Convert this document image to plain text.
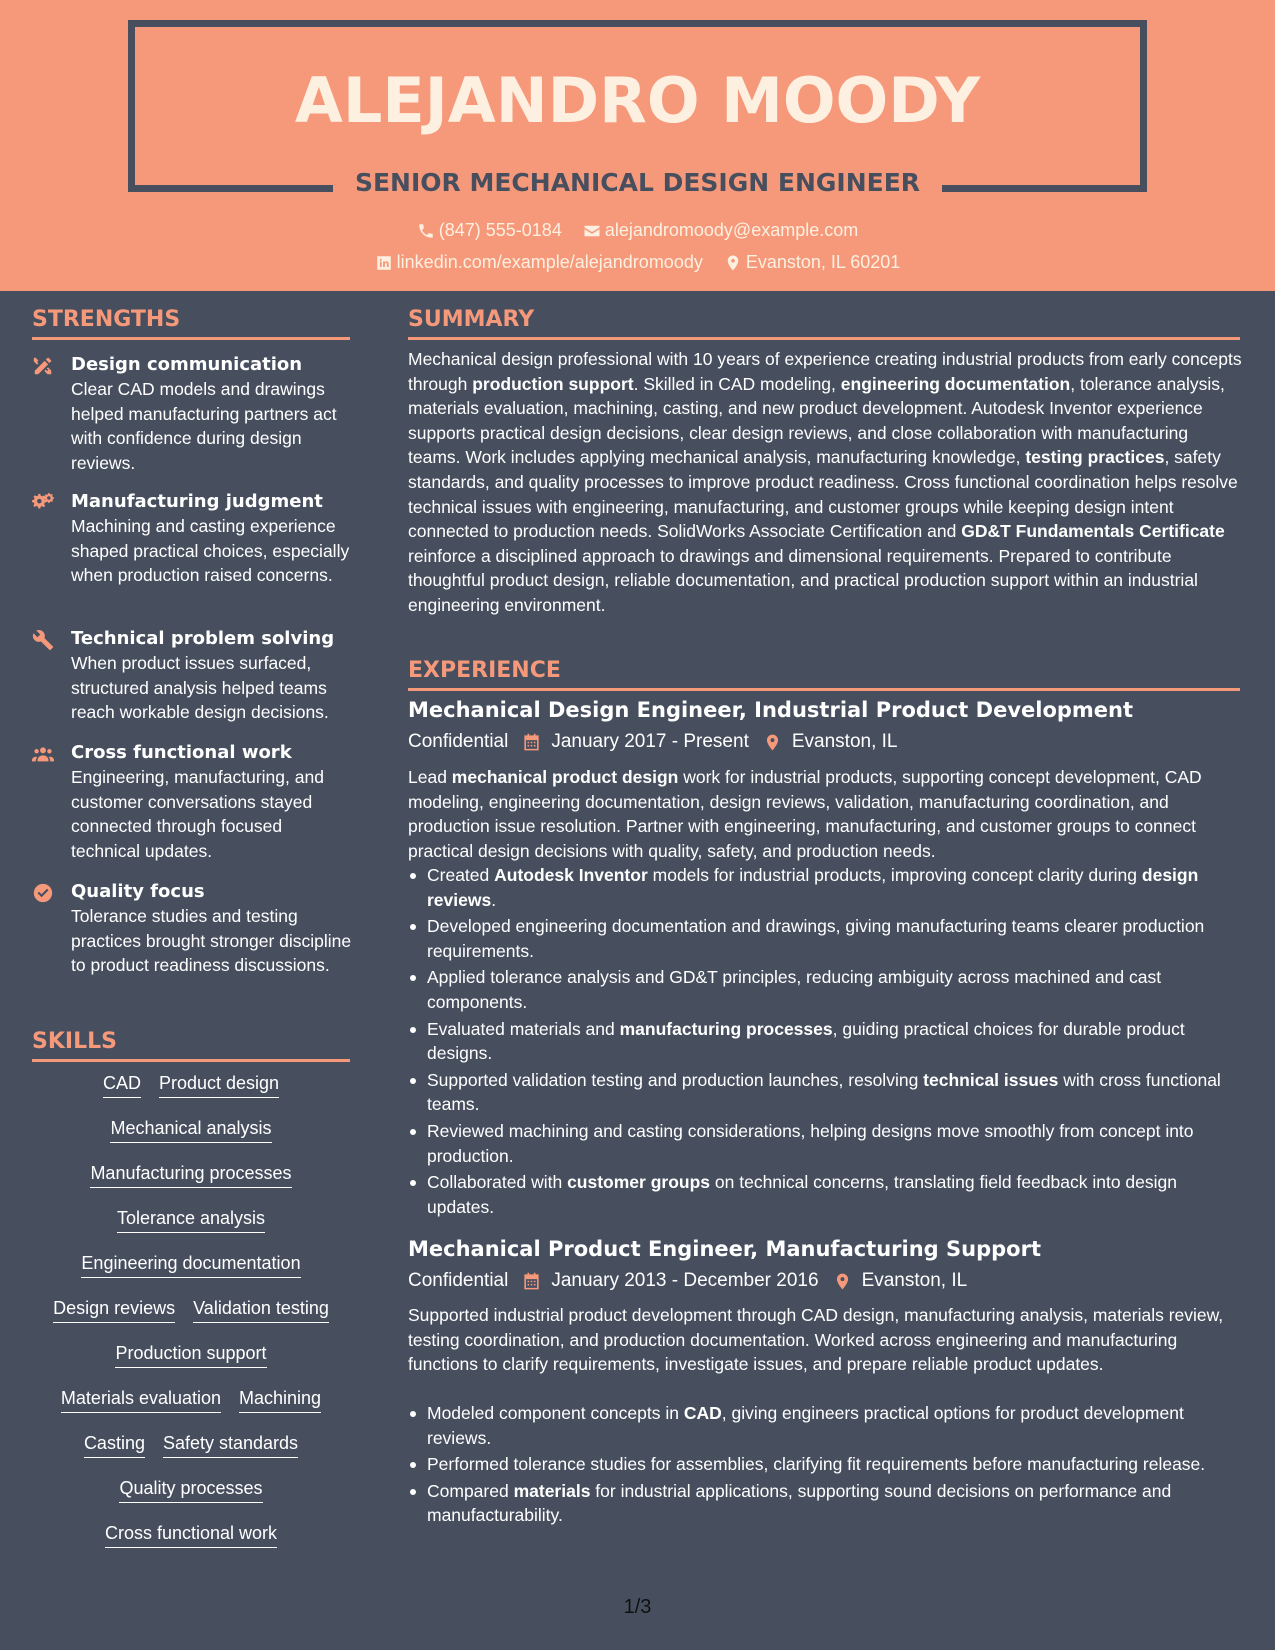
ALEJANDRO MOODY
SENIOR MECHANICAL DESIGN ENGINEER
(847) 555-0184
alejandromoody@example.com
linkedin.com/example/alejandromoody
Evanston, IL 60201
STRENGTHS
Design communication
Clear CAD models and drawings helped manufacturing partners act with confidence during design reviews.
Manufacturing judgment
Machining and casting experience shaped practical choices, especially when production raised concerns.
Technical problem solving
When product issues surfaced, structured analysis helped teams reach workable design decisions.
Cross functional work
Engineering, manufacturing, and customer conversations stayed connected through focused technical updates.
Quality focus
Tolerance studies and testing practices brought stronger discipline to product readiness discussions.
SKILLS
CAD Product design
Mechanical analysis
Manufacturing processes
Tolerance analysis
Engineering documentation
Design reviews Validation testing
Production support
Materials evaluation Machining
Casting Safety standards
Quality processes
Cross functional work
SUMMARY
Mechanical design professional with 10 years of experience creating industrial products from early concepts through production support. Skilled in CAD modeling, engineering documentation, tolerance analysis, materials evaluation, machining, casting, and new product development. Autodesk Inventor experience supports practical design decisions, clear design reviews, and close collaboration with manufacturing teams. Work includes applying mechanical analysis, manufacturing knowledge, testing practices, safety standards, and quality processes to improve product readiness. Cross functional coordination helps resolve technical issues with engineering, manufacturing, and customer groups while keeping design intent connected to production needs. SolidWorks Associate Certification and GD&T Fundamentals Certificate reinforce a disciplined approach to drawings and dimensional requirements. Prepared to contribute thoughtful product design, reliable documentation, and practical production support within an industrial engineering environment.
EXPERIENCE
Mechanical Design Engineer, Industrial Product Development
Confidential January 2017 - Present Evanston, IL
Lead mechanical product design work for industrial products, supporting concept development, CAD modeling, engineering documentation, design reviews, validation, manufacturing coordination, and production issue resolution. Partner with engineering, manufacturing, and customer groups to connect practical design decisions with quality, safety, and production needs.
Created Autodesk Inventor models for industrial products, improving concept clarity during design reviews.
Developed engineering documentation and drawings, giving manufacturing teams clearer production requirements.
Applied tolerance analysis and GD&T principles, reducing ambiguity across machined and cast components.
Evaluated materials and manufacturing processes, guiding practical choices for durable product designs.
Supported validation testing and production launches, resolving technical issues with cross functional teams.
Reviewed machining and casting considerations, helping designs move smoothly from concept into production.
Collaborated with customer groups on technical concerns, translating field feedback into design updates.
Mechanical Product Engineer, Manufacturing Support
Confidential January 2013 - December 2016 Evanston, IL
Supported industrial product development through CAD design, manufacturing analysis, materials review, testing coordination, and production documentation. Worked across engineering and manufacturing functions to clarify requirements, investigate issues, and prepare reliable product updates.
Modeled component concepts in CAD, giving engineers practical options for product development reviews.
Performed tolerance studies for assemblies, clarifying fit requirements before manufacturing release.
Compared materials for industrial applications, supporting sound decisions on performance and manufacturability.
1/3
